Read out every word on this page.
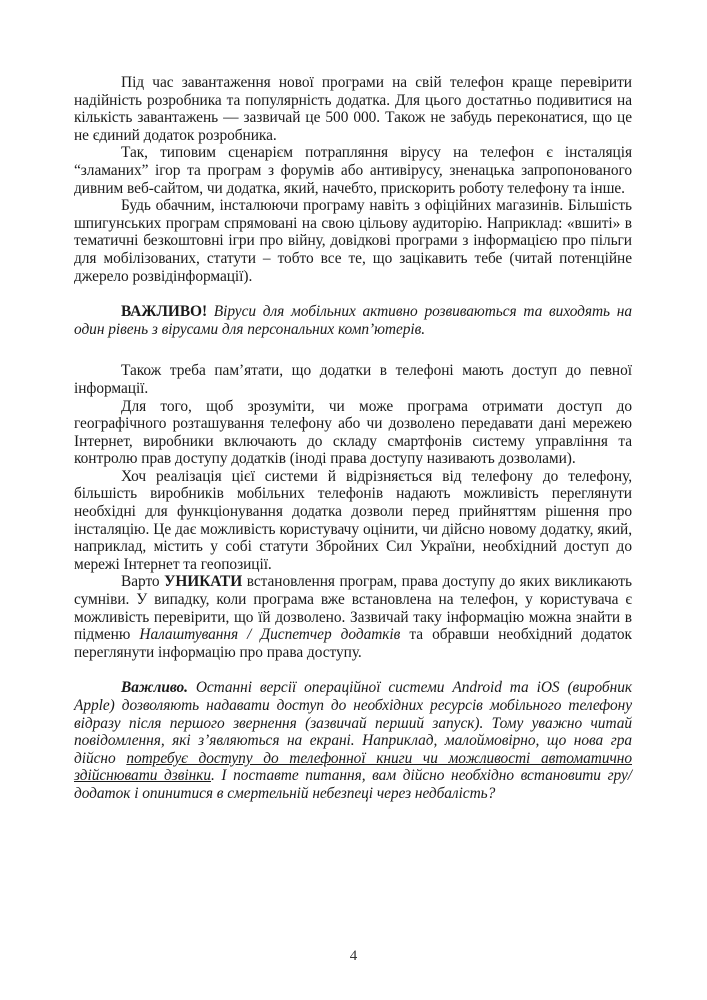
Під час завантаження нової програми на свій телефон краще перевірити надійність розробника та популярність додатка. Для цього достатньо подивитися на кількість завантажень — зазвичай це 500 000. Також не забудь переконатися, що це не єдиний додаток розробника.

Так, типовим сценарієм потрапляння вірусу на телефон є інсталяція “зламаних” ігор та програм з форумів або антивірусу, зненацька запропонованого дивним веб-сайтом, чи додатка, який, начебто, прискорить роботу телефону та інше.

Будь обачним, інсталюючи програму навіть з офіційних магазинів. Більшість шпигунських програм спрямовані на свою цільову аудиторію. Наприклад: «вшиті» в тематичні безкоштовні ігри про війну, довідкові програми з інформацією про пільги для мобілізованих, статути – тобто все те, що зацікавить тебе (читай потенційне джерело розвідінформації).

ВАЖЛИВО! Віруси для мобільних активно розвиваються та виходять на один рівень з вірусами для персональних комп’ютерів.

Також треба пам’ятати, що додатки в телефоні мають доступ до певної інформації.

Для того, щоб зрозуміти, чи може програма отримати доступ до географічного розташування телефону або чи дозволено передавати дані мережею Інтернет, виробники включають до складу смартфонів систему управління та контролю прав доступу додатків (іноді права доступу називають дозволами).

Хоч реалізація цієї системи й відрізняється від телефону до телефону, більшість виробників мобільних телефонів надають можливість переглянути необхідні для функціонування додатка дозволи перед прийняттям рішення про інсталяцію. Це дає можливість користувачу оцінити, чи дійсно новому додатку, який, наприклад, містить у собі статути Збройних Сил України, необхідний доступ до мережі Інтернет та геопозиції.

Варто УНИКАТИ встановлення програм, права доступу до яких викликають сумніви. У випадку, коли програма вже встановлена на телефон, у користувача є можливість перевірити, що їй дозволено. Зазвичай таку інформацію можна знайти в підменю Налаштування / Диспетчер додатків та обравши необхідний додаток переглянути інформацію про права доступу.

Важливо. Останні версії операційної системи Android та iOS (виробник Apple) дозволяють надавати доступ до необхідних ресурсів мобільного телефону відразу після першого звернення (зазвичай перший запуск). Тому уважно читай повідомлення, які з’являються на екрані. Наприклад, малоймовірно, що нова гра дійсно потребує доступу до телефонної книги чи можливості автоматично здійснювати дзвінки. І поставте питання, вам дійсно необхідно встановити гру/додаток і опинитися в смертельній небезпеці через недбалість?

4
